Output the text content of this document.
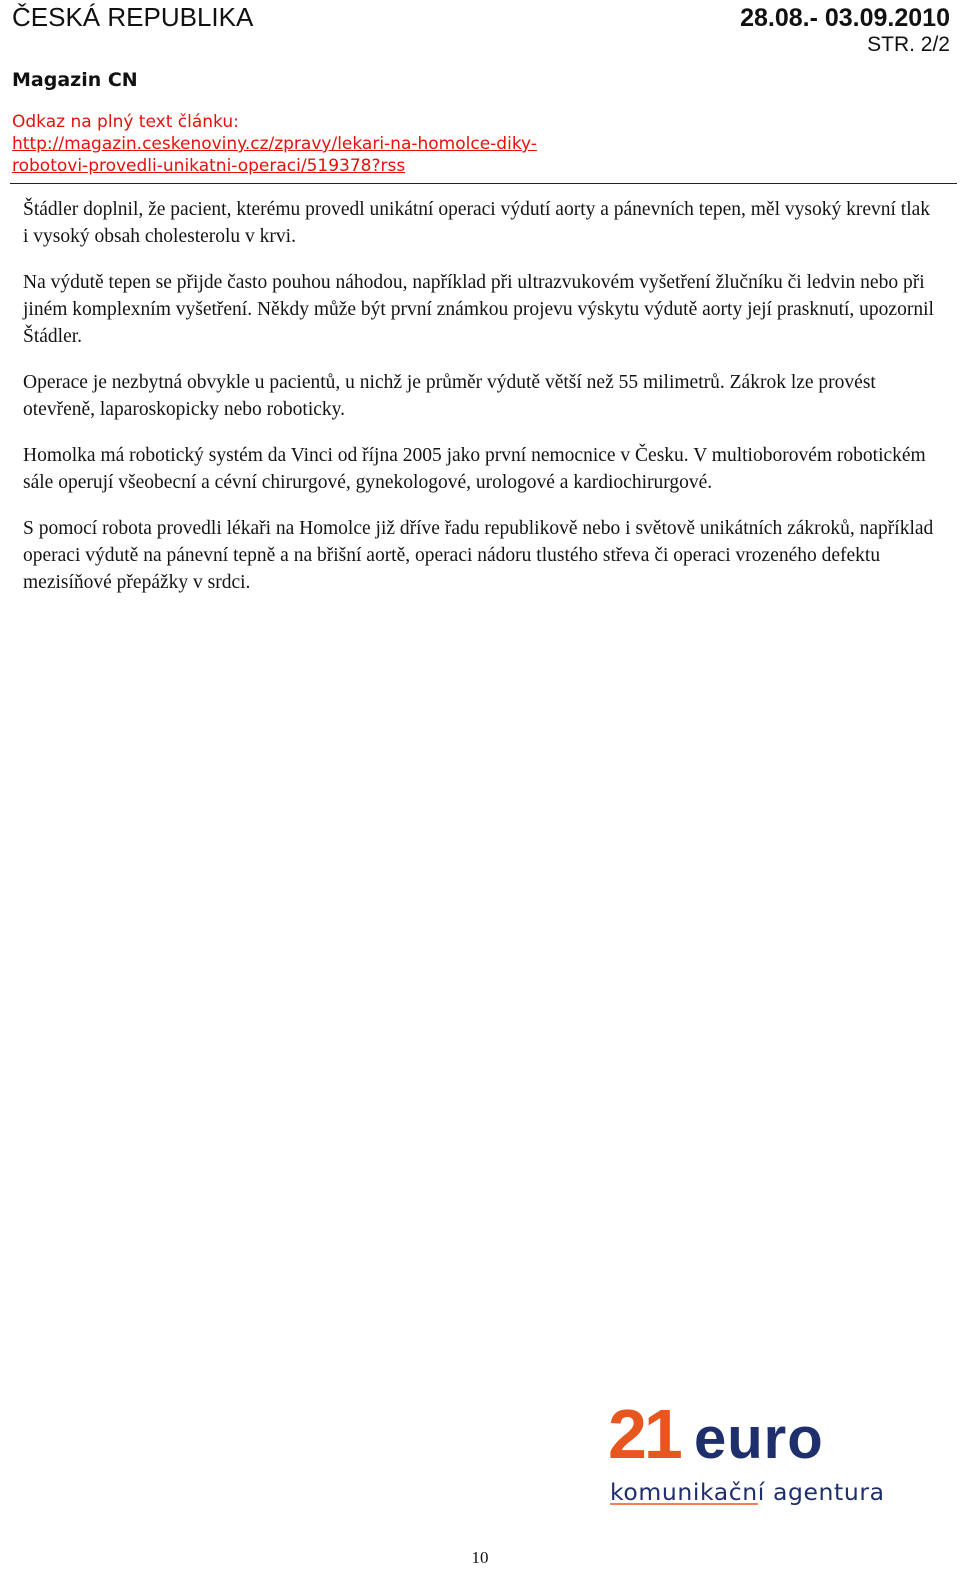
ČESKÁ REPUBLIKA	28.08.- 03.09.2010
STR. 2/2
Magazin CN
Odkaz na plný text článku:
http://magazin.ceskenoviny.cz/zpravy/lekari-na-homolce-diky-
robotovi-provedli-unikatni-operaci/519378?rss

Štádler doplnil, že pacient, kterému provedl unikátní operaci výdutí aorty a pánevních tepen, měl vysoký krevní tlak i vysoký obsah cholesterolu v krvi.

Na výdutě tepen se přijde často pouhou náhodou, například při ultrazvukovém vyšetření žlučníku či ledvin nebo při jiném komplexním vyšetření. Někdy může být první známkou projevu výskytu výdutě aorty její prasknutí, upozornil Štádler.

Operace je nezbytná obvykle u pacientů, u nichž je průměr výdutě větší než 55 milimetrů. Zákrok lze provést otevřeně, laparoskopicky nebo roboticky.

Homolka má robotický systém da Vinci od října 2005 jako první nemocnice v Česku. V multioborovém robotickém sále operují všeobecní a cévní chirurgové, gynekologové, urologové a kardiochirurgové.

S pomocí robota provedli lékaři na Homolce již dříve řadu republikově nebo i světově unikátních zákroků, například operaci výdutě na pánevní tepně a na břišní aortě, operaci nádoru tlustého střeva či operaci vrozeného defektu mezisíňové přepážky v srdci.

21 euro
komunikační agentura
10
